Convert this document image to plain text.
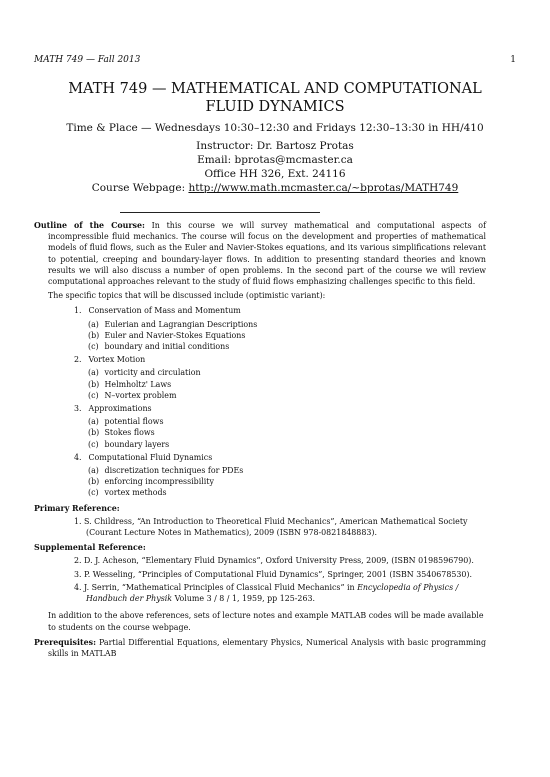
MATH 749 — Fall 2013	1
MATH 749 — MATHEMATICAL AND COMPUTATIONAL
FLUID DYNAMICS
Time & Place — Wednesdays 10:30–12:30 and Fridays 12:30–13:30 in HH/410
Instructor: Dr. Bartosz Protas
Email: bprotas@mcmaster.ca
Office HH 326, Ext. 24116
Course Webpage: http://www.math.mcmaster.ca/~bprotas/MATH749

Outline of the Course: In this course we will survey mathematical and computational aspects of incompressible fluid mechanics. The course will focus on the development and properties of mathematical models of fluid flows, such as the Euler and Navier-Stokes equations, and its various simplifications relevant to potential, creeping and boundary-layer flows. In addition to presenting standard theories and known results we will also discuss a number of open problems. In the second part of the course we will review computational approaches relevant to the study of fluid flows emphasizing challenges specific to this field.

The specific topics that will be discussed include (optimistic variant):

1. Conservation of Mass and Momentum
(a) Eulerian and Lagrangian Descriptions
(b) Euler and Navier-Stokes Equations
(c) boundary and initial conditions
2. Vortex Motion
(a) vorticity and circulation
(b) Helmholtz' Laws
(c) N–vortex problem
3. Approximations
(a) potential flows
(b) Stokes flows
(c) boundary layers
4. Computational Fluid Dynamics
(a) discretization techniques for PDEs
(b) enforcing incompressibility
(c) vortex methods
Primary Reference:
1. S. Childress, “An Introduction to Theoretical Fluid Mechanics”, American Mathematical Society (Courant Lecture Notes in Mathematics), 2009 (ISBN 978-0821848883).
Supplemental Reference:
2. D. J. Acheson, “Elementary Fluid Dynamics”, Oxford University Press, 2009, (ISBN 0198596790).
3. P. Wesseling, “Principles of Computational Fluid Dynamics”, Springer, 2001 (ISBN 3540678530).
4. J. Serrin, “Mathematical Principles of Classical Fluid Mechanics” in Encyclopedia of Physics / Handbuch der Physik Volume 3 / 8 / 1, 1959, pp 125-263.

In addition to the above references, sets of lecture notes and example MATLAB codes will be made available to students on the course webpage.

Prerequisites: Partial Differential Equations, elementary Physics, Numerical Analysis with basic programming skills in MATLAB
